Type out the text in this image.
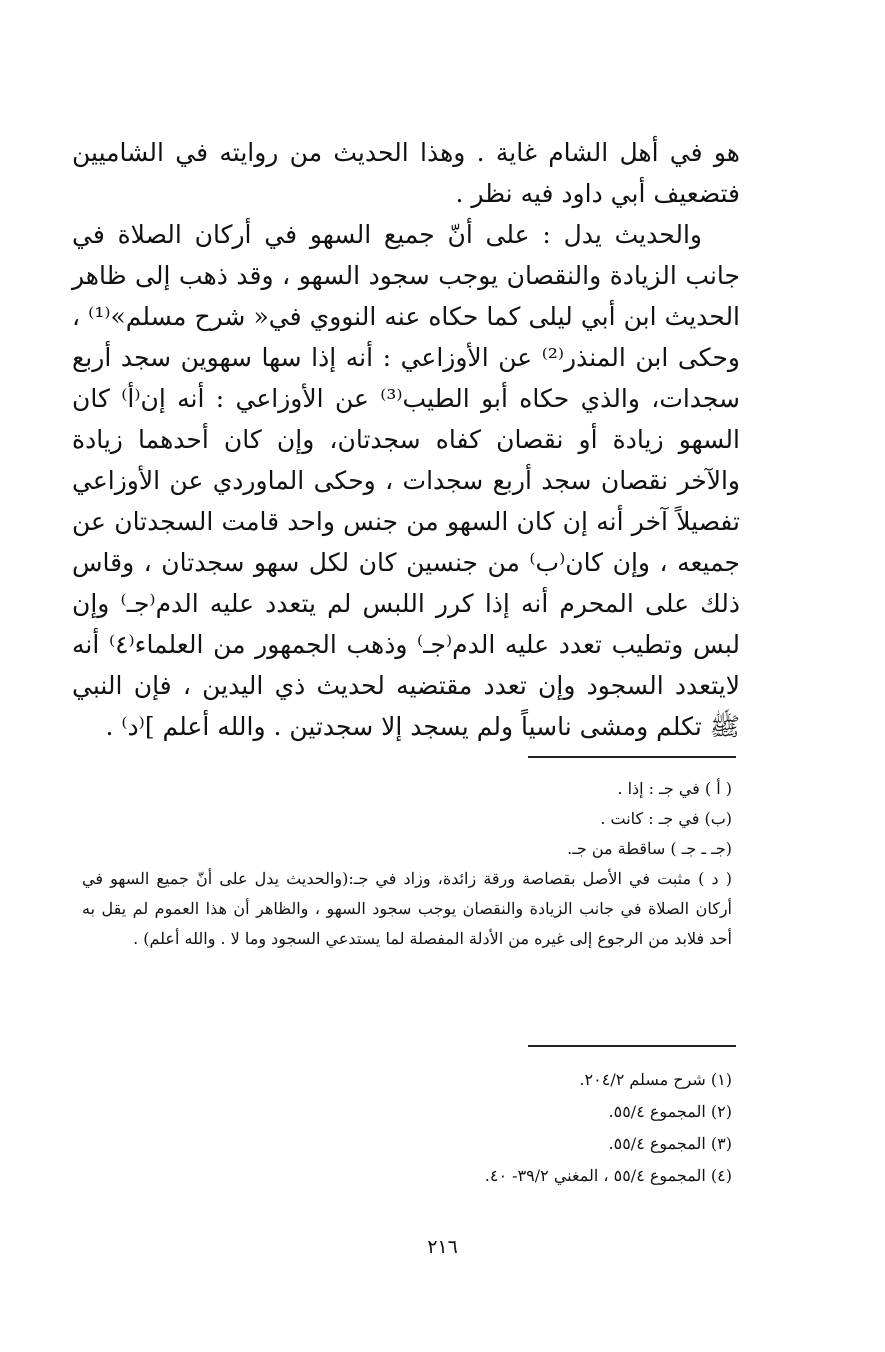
هو في أهل الشام غاية . وهذا الحديث من روايته في الشاميين فتضعيف أبي داود فيه نظر .

والحديث يدل : على أنّ جميع السهو في أركان الصلاة في جانب الزيادة والنقصان يوجب سجود السهو ، وقد ذهب إلى ظاهر الحديث ابن أبي ليلى كما حكاه عنه النووي في« شرح مسلم»⁽¹⁾ ، وحكى ابن المنذر⁽²⁾ عن الأوزاعي : أنه إذا سها سهوين سجد أربع سجدات، والذي حكاه أبو الطيب⁽³⁾ عن الأوزاعي : أنه إن⁽أ⁾ كان السهو زيادة أو نقصان كفاه سجدتان، وإن كان أحدهما زيادة والآخر نقصان سجد أربع سجدات ، وحكى الماوردي عن الأوزاعي تفصيلاً آخر أنه إن كان السهو من جنس واحد قامت السجدتان عن جميعه ، وإن كان⁽ب⁾ من جنسين كان لكل سهو سجدتان ، وقاس ذلك على المحرم أنه إذا كرر اللبس لم يتعدد عليه الدم⁽جـ⁾ وإن لبس وتطيب تعدد عليه الدم⁽جـ⁾ وذهب الجمهور من العلماء⁽٤⁾ أنه لايتعدد السجود وإن تعدد مقتضيه لحديث ذي اليدين ، فإن النبي ﷺ تكلم ومشى ناسياً ولم يسجد إلا سجدتين . والله أعلم ]⁽د⁾ .

( أ ) في جـ : إذا .

(ب) في جـ : كانت .

(جـ ـ جـ ) ساقطة من جـ.

( د ) مثبت في الأصل بقصاصة ورقة زائدة، وزاد في جـ:(والحديث يدل على أنّ جميع السهو في أركان الصلاة في جانب الزيادة والنقصان يوجب سجود السهو ، والظاهر أن هذا العموم لم يقل به أحد فلابد من الرجوع إلى غيره من الأدلة المفصلة لما يستدعي السجود وما لا . والله أعلم) .

(١) شرح مسلم ٢٠٤/٢.

(٢) المجموع ٥٥/٤.

(٣) المجموع ٥٥/٤.

(٤) المجموع ٥٥/٤ ، المغني ٣٩/٢- ٤٠.

٢١٦
